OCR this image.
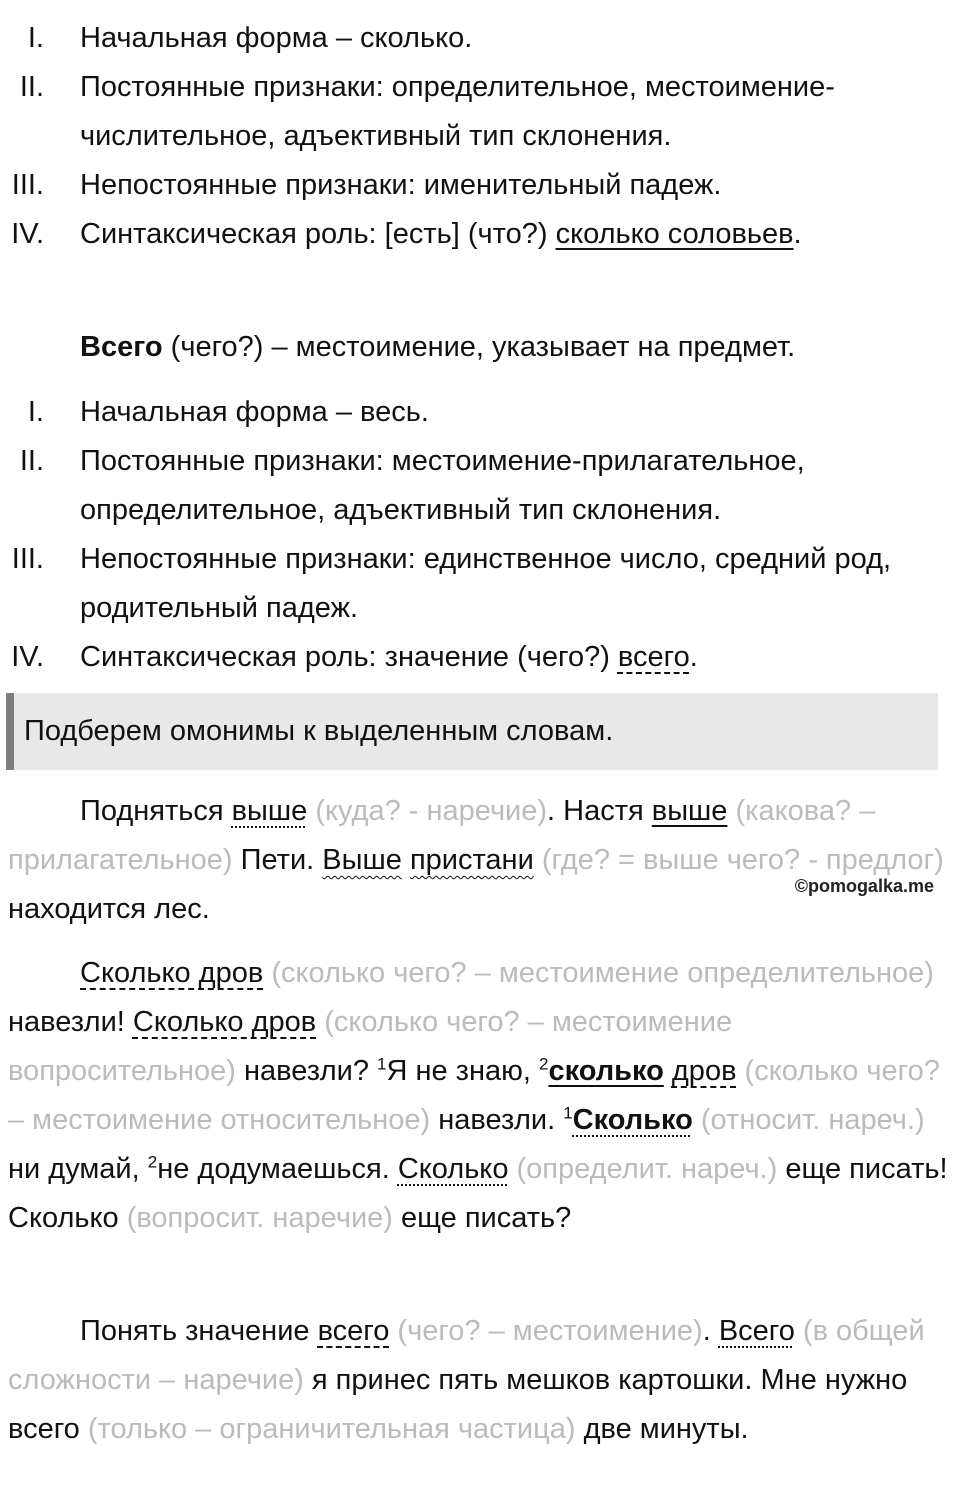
I. Начальная форма – сколько.
II. Постоянные признаки: определительное, местоимение-числительное, адъективный тип склонения.
III. Непостоянные признаки: именительный падеж.
IV. Синтаксическая роль: [есть] (что?) сколько соловьев.
Всего (чего?) – местоимение, указывает на предмет.
I. Начальная форма – весь.
II. Постоянные признаки: местоимение-прилагательное, определительное, адъективный тип склонения.
III. Непостоянные признаки: единственное число, средний род, родительный падеж.
IV. Синтаксическая роль: значение (чего?) всего.
Подберем омонимы к выделенным словам.
Подняться выше (куда? - наречие). Настя выше (какова? – прилагательное) Пети. Выше пристани (где? = выше чего? - предлог) находится лес.
©pomogalka.me
Сколько дров (сколько чего? – местоимение определительное) навезли! Сколько дров (сколько чего? – местоимение вопросительное) навезли? $^1$Я не знаю, $^2$сколько дров (сколько чего? – местоимение относительное) навезли. $^1$Сколько (относит. нареч.) ни думай, $^2$не додумаешься. Сколько (определит. нареч.) еще писать! Сколько (вопросит. наречие) еще писать?
Понять значение всего (чего? – местоимение). Всего (в общей сложности – наречие) я принес пять мешков картошки. Мне нужно всего (только – ограничительная частица) две минуты.
